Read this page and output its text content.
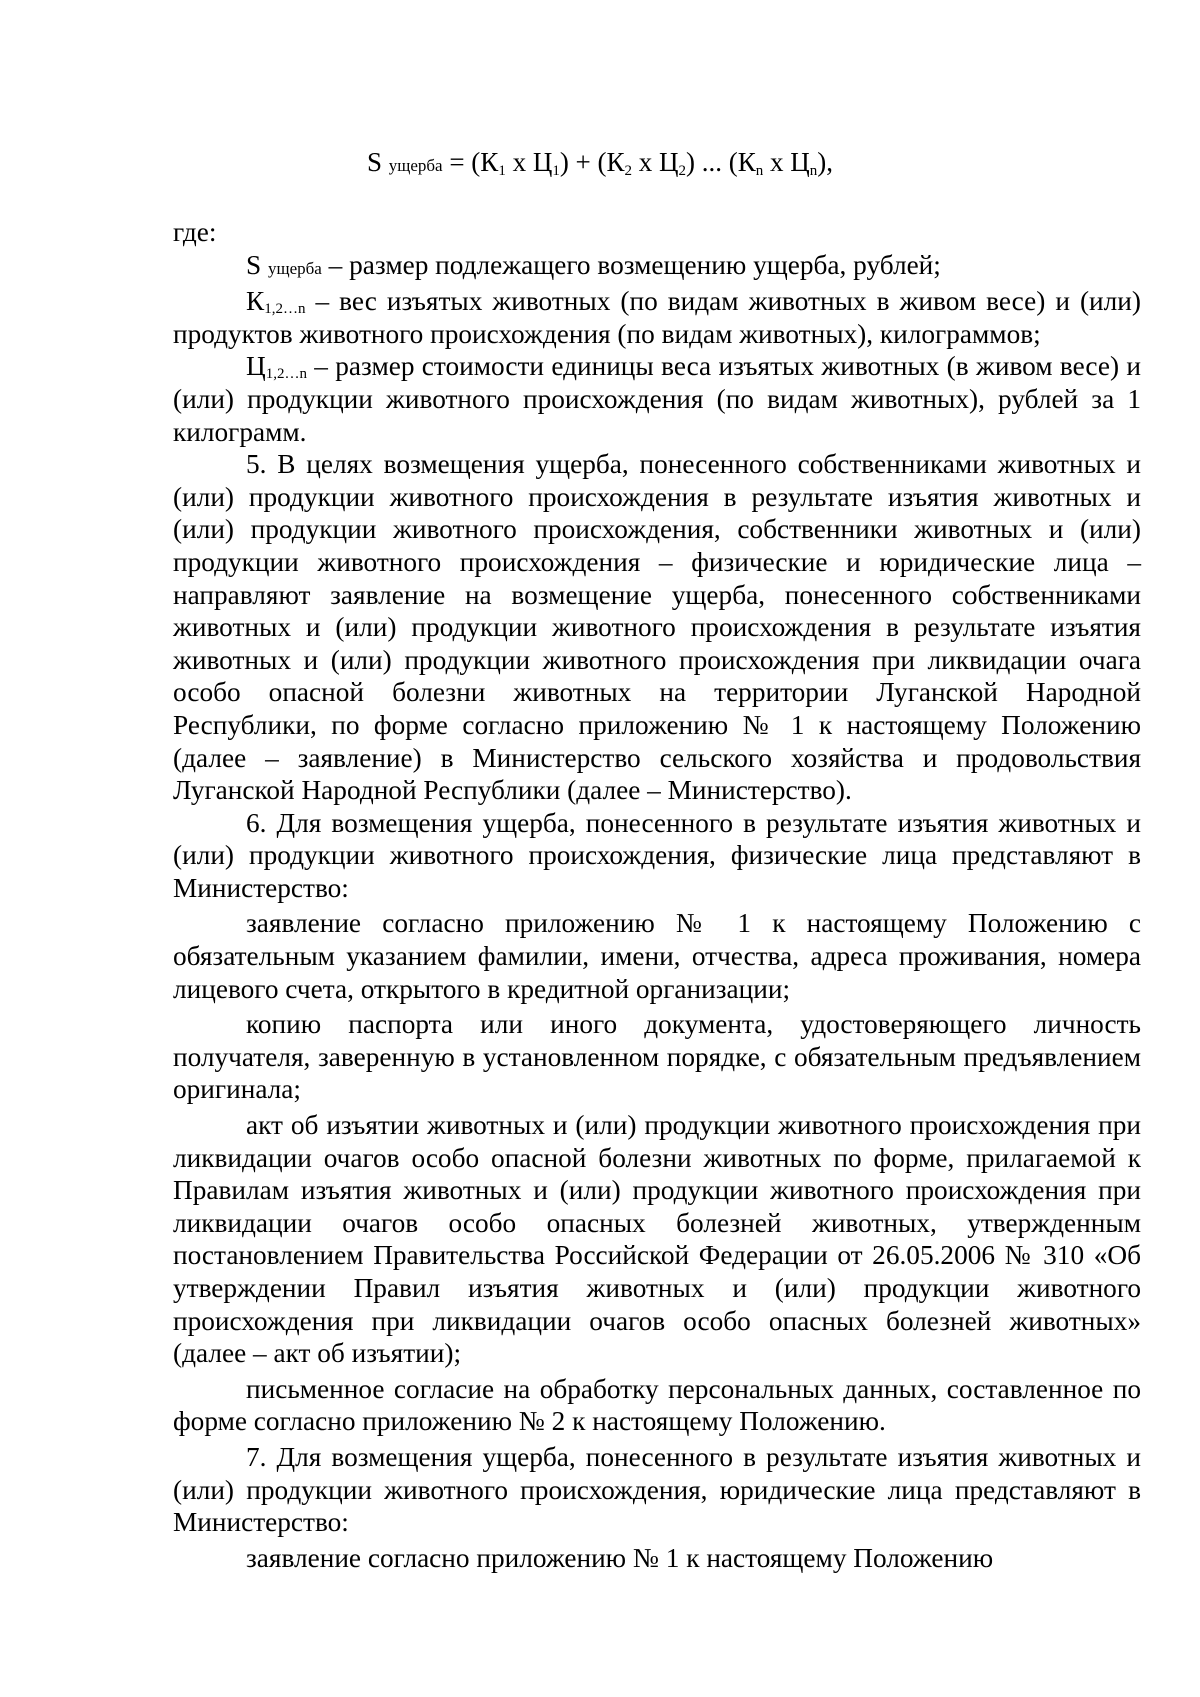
S ущерба = ($К_1$ х $Ц_1) + (К_2$ х $Ц_2$) ... ($К_n$ х $Ц_n$),

где:

S ущерба – размер подлежащего возмещению ущерба, рублей;

$К_{1,2\dots n}$ – вес изъятых животных (по видам животных в живом весе) и (или) продуктов животного происхождения (по видам животных), килограммов;

$Ц_{1,2\dots n}$ – размер стоимости единицы веса изъятых животных (в живом весе) и (или) продукции животного происхождения (по видам животных), рублей за 1 килограмм.

5. В целях возмещения ущерба, понесенного собственниками животных и (или) продукции животного происхождения в результате изъятия животных и (или) продукции животного происхождения, собственники животных и (или) продукции животного происхождения – физические и юридические лица – направляют заявление на возмещение ущерба, понесенного собственниками животных и (или) продукции животного происхождения в результате изъятия животных и (или) продукции животного происхождения при ликвидации очага особо опасной болезни животных на территории Луганской Народной Республики, по форме согласно приложению № 1 к настоящему Положению (далее – заявление) в Министерство сельского хозяйства и продовольствия Луганской Народной Республики (далее – Министерство).

6. Для возмещения ущерба, понесенного в результате изъятия животных и (или) продукции животного происхождения, физические лица представляют в Министерство:

заявление согласно приложению № 1 к настоящему Положению с обязательным указанием фамилии, имени, отчества, адреса проживания, номера лицевого счета, открытого в кредитной организации;

копию паспорта или иного документа, удостоверяющего личность получателя, заверенную в установленном порядке, с обязательным предъявлением оригинала;

акт об изъятии животных и (или) продукции животного происхождения при ликвидации очагов особо опасной болезни животных по форме, прилагаемой к Правилам изъятия животных и (или) продукции животного происхождения при ликвидации очагов особо опасных болезней животных, утвержденным постановлением Правительства Российской Федерации от 26.05.2006 № 310 «Об утверждении Правил изъятия животных и (или) продукции животного происхождения при ликвидации очагов особо опасных болезней животных» (далее – акт об изъятии);

письменное согласие на обработку персональных данных, составленное по форме согласно приложению № 2 к настоящему Положению.

7. Для возмещения ущерба, понесенного в результате изъятия животных и (или) продукции животного происхождения, юридические лица представляют в Министерство:

заявление согласно приложению № 1 к настоящему Положению
